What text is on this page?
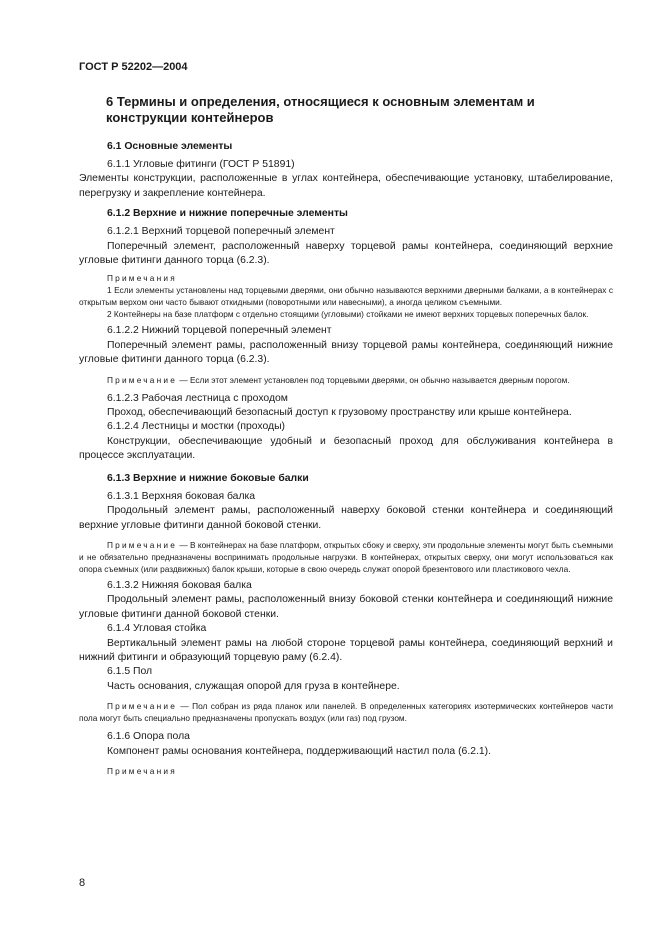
ГОСТ Р 52202—2004
6 Термины и определения, относящиеся к основным элементам и конструкции контейнеров

6.1 Основные элементы

6.1.1 Угловые фитинги (ГОСТ Р 51891)

Элементы конструкции, расположенные в углах контейнера, обеспечивающие установку, штабелирование, перегрузку и закрепление контейнера.

6.1.2 Верхние и нижние поперечные элементы

6.1.2.1 Верхний торцевой поперечный элемент

Поперечный элемент, расположенный наверху торцевой рамы контейнера, соединяющий верхние угловые фитинги данного торца (6.2.3).

Примечания

1 Если элементы установлены над торцевыми дверями, они обычно называются верхними дверными балками, а в контейнерах с открытым верхом они часто бывают откидными (поворотными или навесными), а иногда целиком съемными.

2 Контейнеры на базе платформ с отдельно стоящими (угловыми) стойками не имеют верхних торцевых поперечных балок.

6.1.2.2 Нижний торцевой поперечный элемент

Поперечный элемент рамы, расположенный внизу торцевой рамы контейнера, соединяющий нижние угловые фитинги данного торца (6.2.3).

Примечание — Если этот элемент установлен под торцевыми дверями, он обычно называется дверным порогом.

6.1.2.3 Рабочая лестница с проходом

Проход, обеспечивающий безопасный доступ к грузовому пространству или крыше контейнера.

6.1.2.4 Лестницы и мостки (проходы)

Конструкции, обеспечивающие удобный и безопасный проход для обслуживания контейнера в процессе эксплуатации.

6.1.3 Верхние и нижние боковые балки

6.1.3.1 Верхняя боковая балка

Продольный элемент рамы, расположенный наверху боковой стенки контейнера и соединяющий верхние угловые фитинги данной боковой стенки.

Примечание — В контейнерах на базе платформ, открытых сбоку и сверху, эти продольные элементы могут быть съемными и не обязательно предназначены воспринимать продольные нагрузки. В контейнерах, открытых сверху, они могут использоваться как опора съемных (или раздвижных) балок крыши, которые в свою очередь служат опорой брезентового или пластикового чехла.

6.1.3.2 Нижняя боковая балка

Продольный элемент рамы, расположенный внизу боковой стенки контейнера и соединяющий нижние угловые фитинги данной боковой стенки.

6.1.4 Угловая стойка

Вертикальный элемент рамы на любой стороне торцевой рамы контейнера, соединяющий верхний и нижний фитинги и образующий торцевую раму (6.2.4).

6.1.5 Пол

Часть основания, служащая опорой для груза в контейнере.

Примечание — Пол собран из ряда планок или панелей. В определенных категориях изотермических контейнеров части пола могут быть специально предназначены пропускать воздух (или газ) под грузом.

6.1.6 Опора пола

Компонент рамы основания контейнера, поддерживающий настил пола (6.2.1).

Примечания

8
